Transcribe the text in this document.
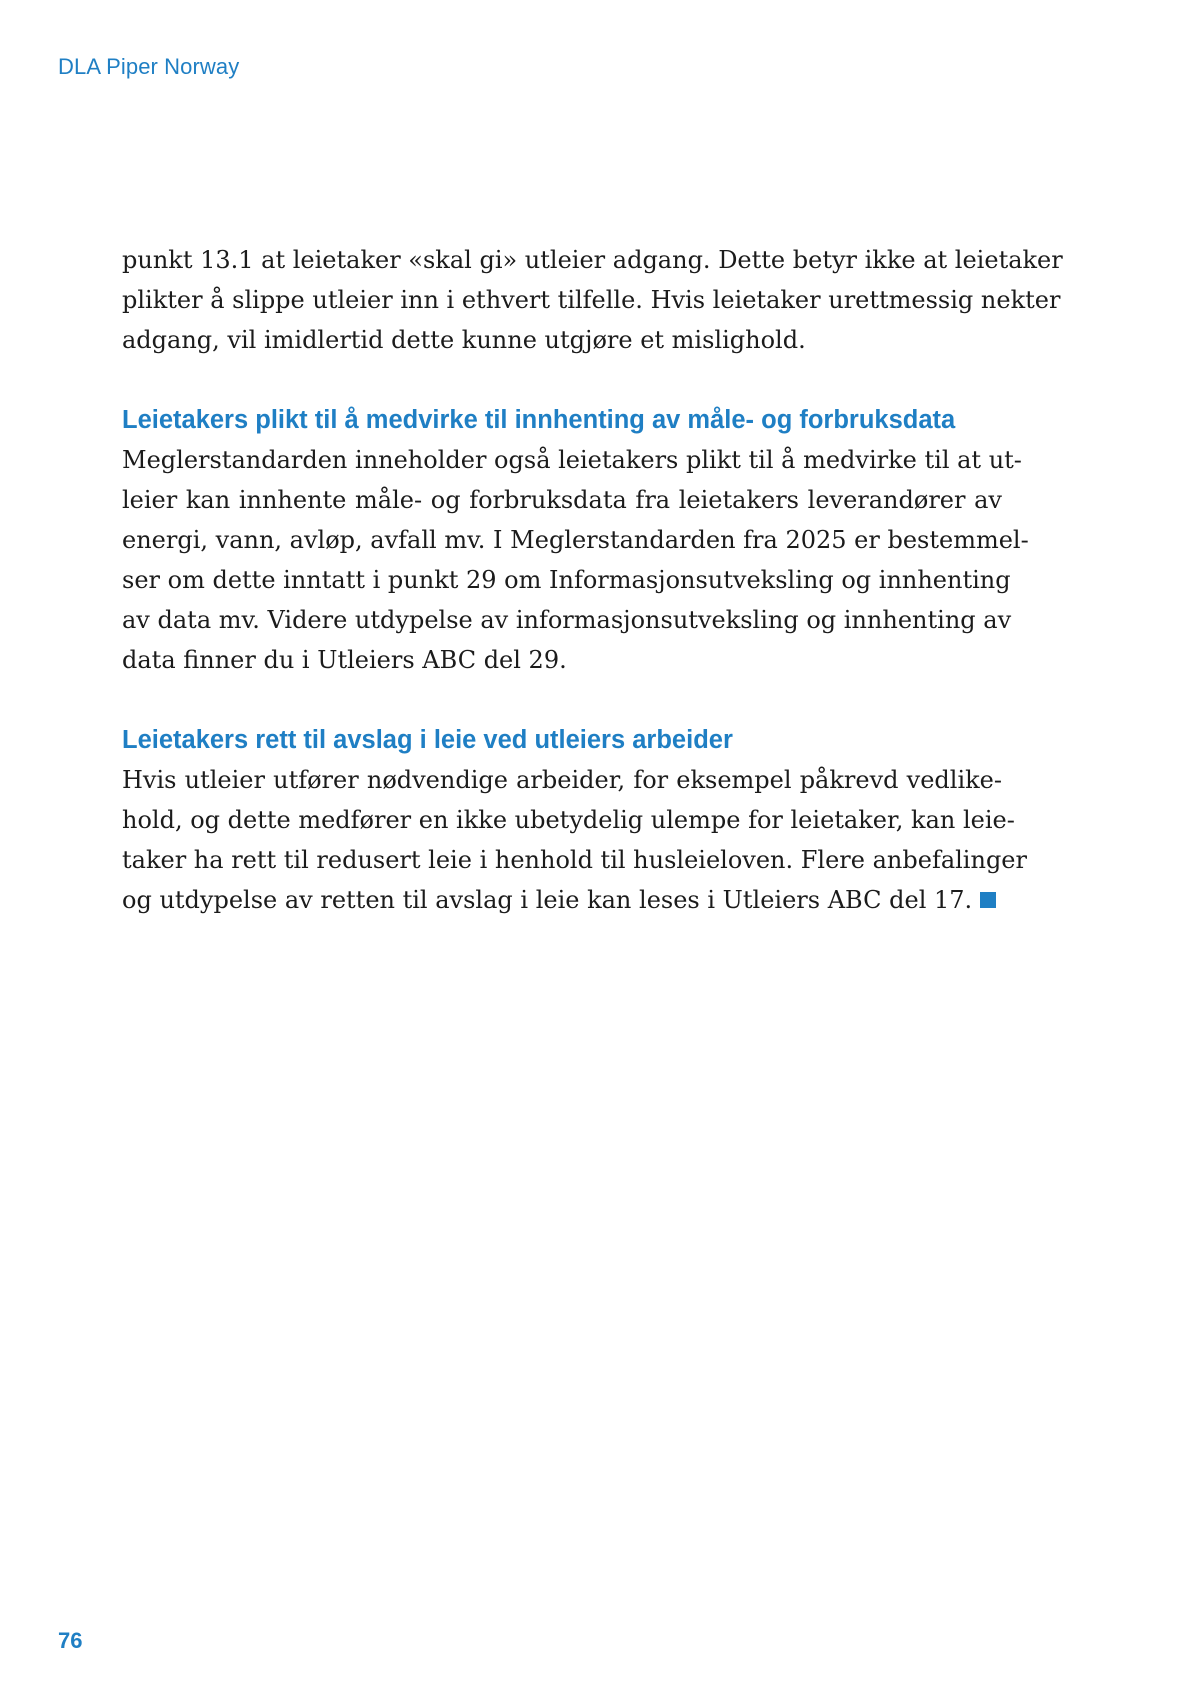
DLA Piper Norway
punkt 13.1 at leietaker «skal gi» utleier adgang. Dette betyr ikke at leietaker
plikter å slippe utleier inn i ethvert tilfelle. Hvis leietaker urettmessig nekter
adgang, vil imidlertid dette kunne utgjøre et mislighold.
Leietakers plikt til å medvirke til innhenting av måle- og forbruksdata
Meglerstandarden inneholder også leietakers plikt til å medvirke til at ut-
leier kan innhente måle- og forbruksdata fra leietakers leverandører av
energi, vann, avløp, avfall mv. I Meglerstandarden fra 2025 er bestemmel-
ser om dette inntatt i punkt 29 om Informasjonsutveksling og innhenting
av data mv. Videre utdypelse av informasjonsutveksling og innhenting av
data finner du i Utleiers ABC del 29.
Leietakers rett til avslag i leie ved utleiers arbeider
Hvis utleier utfører nødvendige arbeider, for eksempel påkrevd vedlike-
hold, og dette medfører en ikke ubetydelig ulempe for leietaker, kan leie-
taker ha rett til redusert leie i henhold til husleieloven. Flere anbefalinger
og utdypelse av retten til avslag i leie kan leses i Utleiers ABC del 17.
76
